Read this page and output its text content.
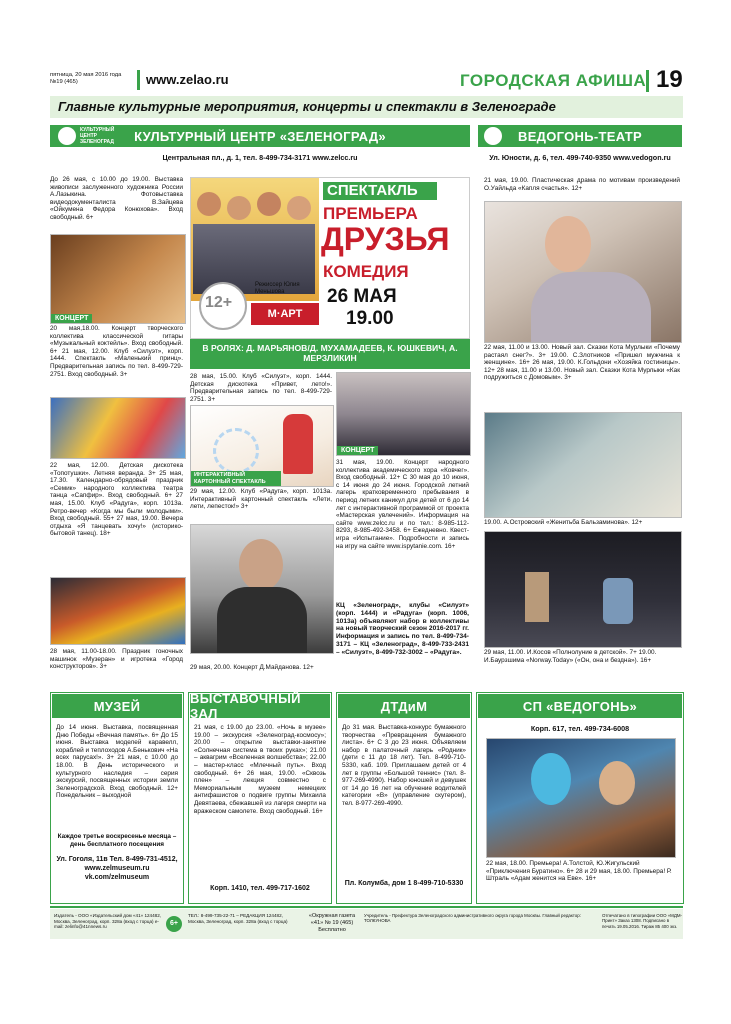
пятница, 20 мая 2016 года
№19 (465)	www.zelao.ru	ГОРОДСКАЯ АФИША 19
Главные культурные мероприятия, концерты и спектакли в Зеленограде
КУЛЬТУРНЫЙ ЦЕНТР «ЗЕЛЕНОГРАД»
КУЛЬТУРНЫЙ ЦЕНТР ЗЕЛЕНОГРАД
Центральная пл., д. 1, тел. 8-499-734-3171 www.zelcc.ru
До 26 мая, с 10.00 до 19.00. Выставка живописи заслуженного художника России А.Лазыкина. Фотовыставка видеодокументалиста В.Зайцева «Ойкумена Федора Конюхова». Вход свободный. 6+
КОНЦЕРТ
20 мая,18.00. Концерт творческого коллектива классической гитары «Музыкальный коктейль». Вход свободный. 6+ 21 мая, 12.00. Клуб «Силуэт», корп. 1444. Спектакль «Маленький принц». Предварительная запись по тел. 8-499-729-2751. Вход свободный. 3+
22 мая, 12.00. Детская дискотека «Топотушки». Летняя веранда. 3+ 25 мая, 17.30. Календарно-обрядовый праздник «Семик» народного коллектива театра танца «Сапфир». Вход свободный. 6+ 27 мая, 15.00. Клуб «Радуга», корп. 1013а. Ретро-вечер «Когда мы были молодыми». Вход свободный. 55+ 27 мая, 19.00. Вечера отдыха «Я танцевать хочу!» (историко-бытовой танец). 18+
28 мая, 11.00-18.00. Праздник гоночных машинок «Музеран» и игротека «Город конструкторов». 3+
СПЕКТАКЛЬ
ПРЕМЬЕРА
ДРУЗЬЯ
КОМЕДИЯ
12+
Режиссер Юлия Меньшова
М·АРТ
26 МАЯ
19.00
В РОЛЯХ: Д. МАРЬЯНОВ/Д. МУХАМАДЕЕВ, К. ЮШКЕВИЧ, А. МЕРЗЛИКИН
28 мая, 15.00. Клуб «Силуэт», корп. 1444. Детская дискотека «Привет, лето!». Предварительная запись по тел. 8-499-729-2751. 3+
ИНТЕРАКТИВНЫЙ КАРТОННЫЙ СПЕКТАКЛЬ
29 мая, 12.00. Клуб «Радуга», корп. 1013а. Интерактивный картонный спектакль «Лети, лети, лепесток!» 3+
29 мая, 20.00. Концерт Д.Майданова. 12+
КОНЦЕРТ
31 мая, 19.00. Концерт народного коллектива академического хора «Ковчег». Вход свободный. 12+ С 30 мая до 10 июня, с 14 июня до 24 июня. Городской летний лагерь кратковременного пребывания в период летних каникул для детей от 6 до 14 лет с интерактивной программой от проекта «Мастерская увлечений». Информация на сайте www.zelcc.ru и по тел.: 8-985-112-8293, 8-985-492-3458. 6+ Ежедневно. Квест-игра «Испытание». Подробности и запись на игру на сайте www.ispytanie.com. 16+
КЦ «Зеленоград», клубы «Силуэт» (корп. 1444) и «Радуга» (корп. 1006, 1013а) объявляют набор в коллективы на новый творческий сезон 2016-2017 гг. Информация и запись по тел. 8-499-734-3171 – КЦ «Зеленоград», 8-499-733-2431 – «Силуэт», 8-499-732-3002 – «Радуга».
ВЕДОГОНЬ-ТЕАТР
Ул. Юности, д. 6, тел. 499-740-9350 www.vedogon.ru
21 мая, 19.00. Пластическая драма по мотивам произведений О.Уайльда «Капля счастья». 12+
22 мая, 11.00 и 13.00. Новый зал. Сказки Кота Мурлыки «Почему растаял снег?». 3+ 19.00. С.Злотников «Пришел мужчина к женщине». 16+ 26 мая, 19.00. К.Гольдони «Хозяйка гостиницы». 12+ 28 мая, 11.00 и 13.00. Новый зал. Сказки Кота Мурлыки «Как подружиться с Домовым». 3+
19.00. А.Островский «Женитьба Бальзаминова». 12+
29 мая, 11.00. И.Косов «Полнолуние в детской». 7+ 19.00. И.Баурзшима «Norway.Today» («Он, она и бездна»). 16+
МУЗЕЙ
До 14 июня. Выставка, посвященная Дню Победы «Вечная память». 6+ До 15 июня. Выставка моделей каравелл, кораблей и теплоходов А.Бенькович «На всех парусах!». 3+ 21 мая, с 10.00 до 18.00. В День исторического и культурного наследия – серия экскурсий, посвященных истории земли Зеленоградской. Вход свободный. 12+ Понедельник – выходной
Каждое третье воскресенье месяца – день бесплатного посещения
Ул. Гоголя, 11в Тел. 8-499-731-4512, www.zelmuseum.ru vk.com/zelmuseum
ВЫСТАВОЧНЫЙ ЗАЛ
21 мая, с 19.00 до 23.00. «Ночь в музее» 19.00 – экскурсия «Зеленоград-космосу»; 20.00 – открытие выставки-занятие «Солнечная система в твоих руках»; 21.00 – аквагрим «Вселенная волшебства»; 22.00 – мастер-класс «Млечный путь». Вход свободный. 6+ 26 мая, 19.00. «Сквозь плен» – лекция совместно с Мемориальным музеем немецких антифашистов о подвиге группы Михаила Девятаева, сбежавшей из лагеря смерти на вражеском самолете. Вход свободный. 16+
Корп. 1410, тел. 499-717-1602
ДТДиМ
До 31 мая. Выставка-конкурс бумажного творчества «Превращения бумажного листа». 6+ С 3 до 23 июня. Объявляем набор в палаточный лагерь «Родник» (дети с 11 до 18 лет). Тел. 8-499-710-5330, каб. 109. Приглашаем детей от 4 лет в группы «Большой теннис» (тел. 8-977-269-4990). Набор юношей и девушек от 14 до 16 лет на обучение водителей категории «B» (управление скутером), тел. 8-977-269-4990.
Пл. Колумба, дом 1 8-499-710-5330
СП «ВЕДОГОНЬ»
Корп. 617, тел. 499-734-6008
22 мая, 18.00. Премьера! А.Толстой, Ю.Жигульский «Приключения Буратино». 6+ 28 и 29 мая, 18.00. Премьера! Р. Штраль «Адам женится на Еве». 16+
Издатель - ООО «Издательский дом «41» 124482, Москва, Зеленоград, корп. 328а (вход с торца) e-mail: zelinfo@41nnews.ru	6+
ТЕЛ.: 8-499-735-22-71 – РЕДАКЦИЯ 124482, Москва, Зеленоград, корп. 328а (вход с торца)
«Окружная газета «41» № 19 (465) Бесплатно
Учредитель - Префектура Зеленоградского административного округа города Москвы. Главный редактор: ТОЛКУНОВА
Отпечатано в типографии ООО «МДМ-Принт» Заказ 1308. Подписано в печать 19.05.2016. Тираж 85 400 экз.
